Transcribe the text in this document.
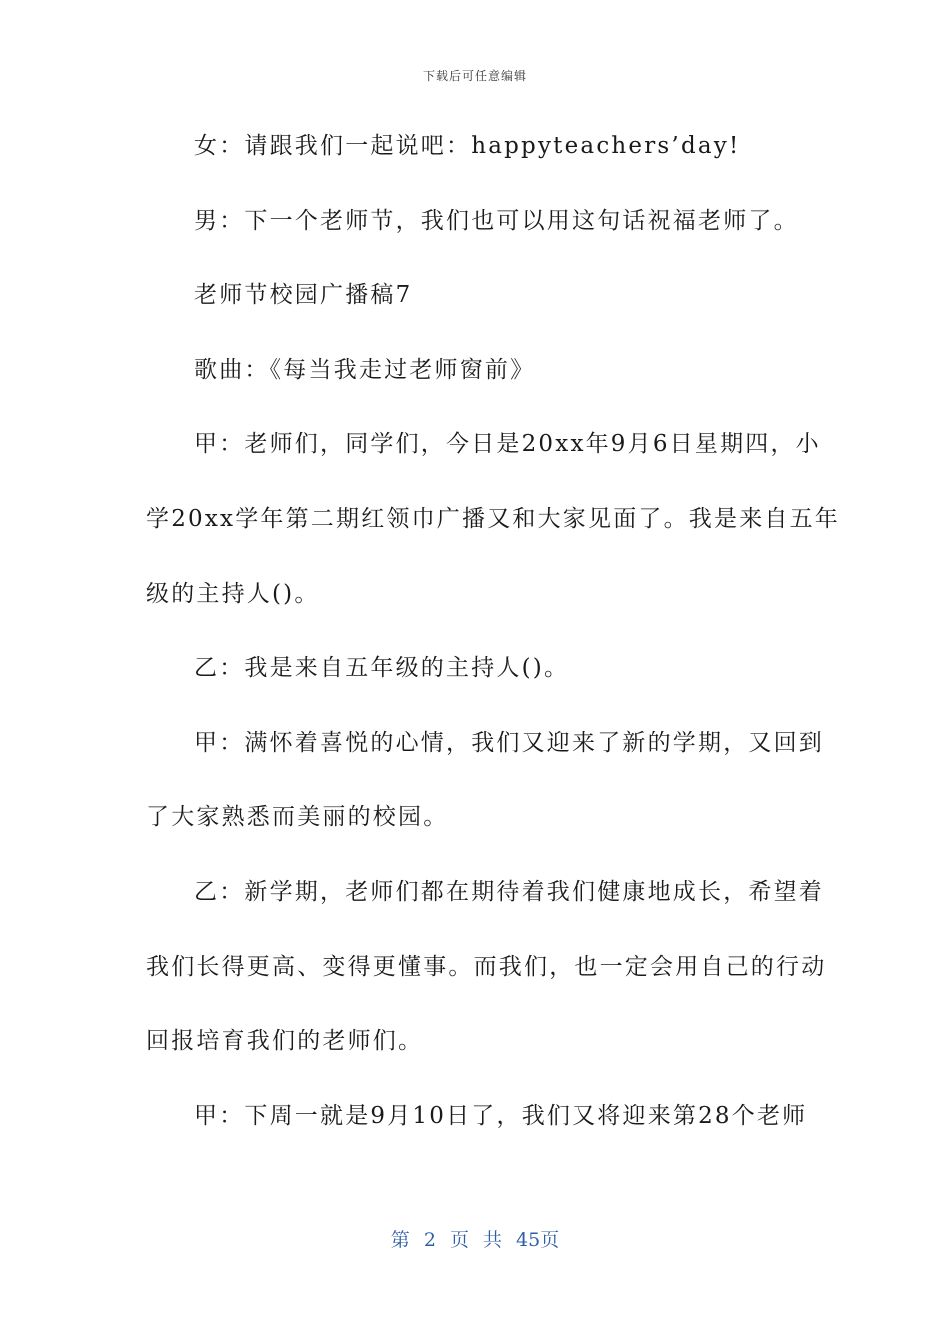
下载后可任意编辑
女：请跟我们一起说吧：happyteachers’day!
男：下一个老师节，我们也可以用这句话祝福老师了。
老师节校园广播稿7
歌曲：《每当我走过老师窗前》
甲：老师们，同学们，今日是20xx年9月6日星期四，小
学20xx学年第二期红领巾广播又和大家见面了。我是来自五年
级的主持人()。
乙：我是来自五年级的主持人()。
甲：满怀着喜悦的心情，我们又迎来了新的学期，又回到
了大家熟悉而美丽的校园。
乙：新学期，老师们都在期待着我们健康地成长，希望着
我们长得更高、变得更懂事。而我们，也一定会用自己的行动
回报培育我们的老师们。
甲：下周一就是9月10日了，我们又将迎来第28个老师
第 2 页 共 45页
